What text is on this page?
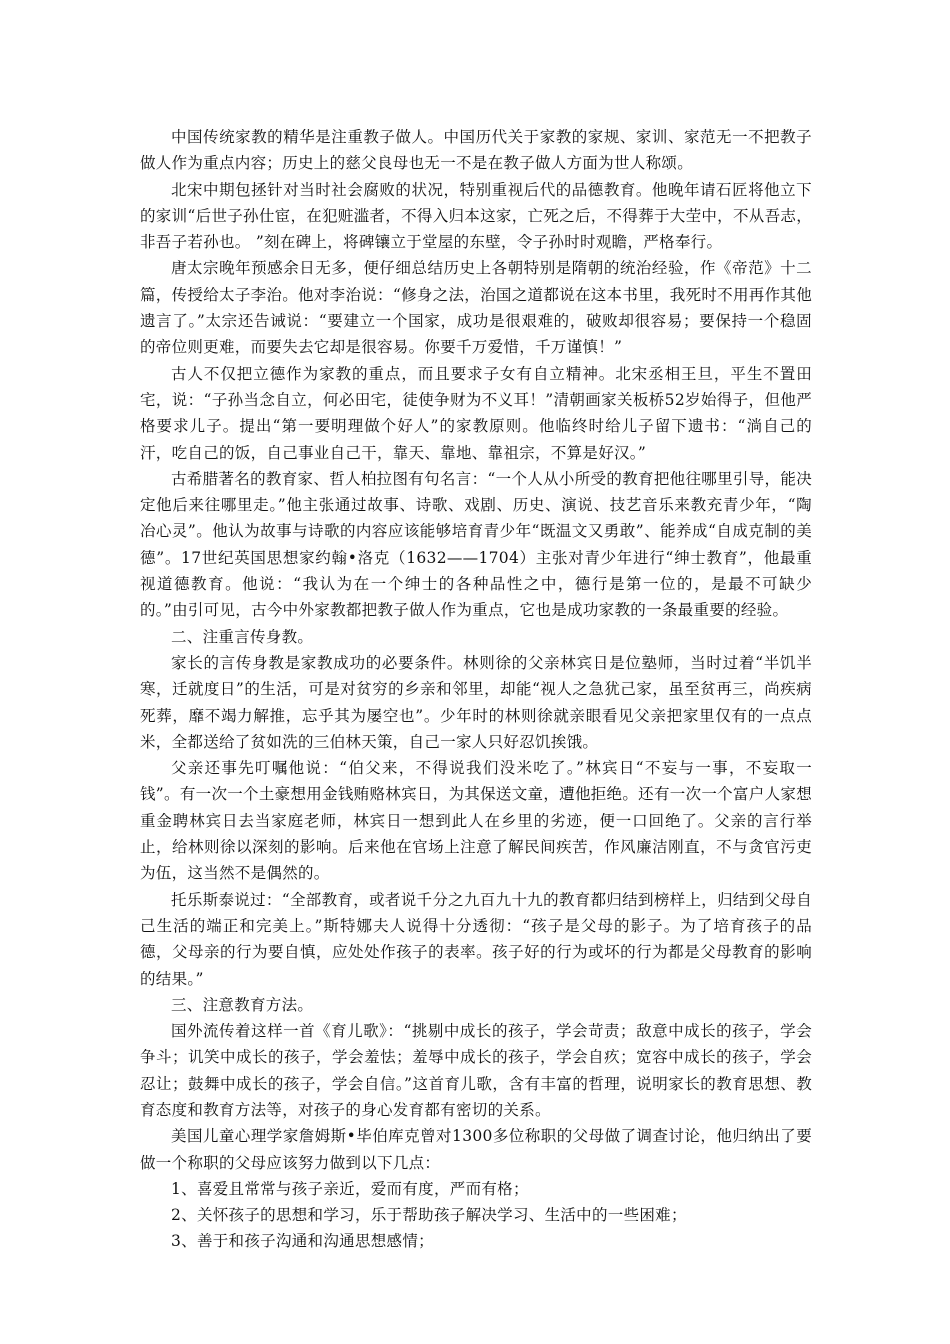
中国传统家教的精华是注重教子做人。中国历代关于家教的家规、家训、家范无一不把教子做人作为重点内容；历史上的慈父良母也无一不是在教子做人方面为世人称颂。

北宋中期包拯针对当时社会腐败的状况，特别重视后代的品德教育。他晚年请石匠将他立下的家训“后世子孙仕宦，在犯赃滥者，不得入归本这家，亡死之后，不得葬于大茔中，不从吾志，非吾子若孙也。 ”刻在碑上，将碑镶立于堂屋的东壁，令子孙时时观瞻，严格奉行。

唐太宗晚年预感余日无多，便仔细总结历史上各朝特别是隋朝的统治经验，作《帝范》十二篇，传授给太子李治。他对李治说：“修身之法，治国之道都说在这本书里，我死时不用再作其他遗言了。”太宗还告诫说：“要建立一个国家，成功是很艰难的，破败却很容易；要保持一个稳固的帝位则更难，而要失去它却是很容易。你要千万爱惜，千万谨慎！”

古人不仅把立德作为家教的重点，而且要求子女有自立精神。北宋丞相王旦，平生不置田宅，说：“子孙当念自立，何必田宅，徒使争财为不义耳！”清朝画家关板桥52岁始得子，但他严格要求儿子。提出“第一要明理做个好人”的家教原则。他临终时给儿子留下遗书：“淌自己的汗，吃自己的饭，自己事业自己干，靠天、靠地、靠祖宗，不算是好汉。”

古希腊著名的教育家、哲人柏拉图有句名言：“一个人从小所受的教育把他往哪里引导，能决定他后来往哪里走。”他主张通过故事、诗歌、戏剧、历史、演说、技艺音乐来教充青少年，“陶冶心灵”。他认为故事与诗歌的内容应该能够培育青少年“既温文又勇敢”、能养成“自成克制的美德”。17世纪英国思想家约翰•洛克（1632——1704）主张对青少年进行“绅士教育”，他最重视道德教育。他说：“我认为在一个绅士的各种品性之中，德行是第一位的，是最不可缺少的。”由引可见，古今中外家教都把教子做人作为重点，它也是成功家教的一条最重要的经验。

二、注重言传身教。

家长的言传身教是家教成功的必要条件。林则徐的父亲林宾日是位塾师，当时过着“半饥半寒，迁就度日”的生活，可是对贫穷的乡亲和邻里，却能“视人之急犹己家，虽至贫再三，尚疾病死葬，靡不竭力解推，忘乎其为屡空也”。少年时的林则徐就亲眼看见父亲把家里仅有的一点点米，全都送给了贫如洗的三伯林天策，自己一家人只好忍饥挨饿。

父亲还事先叮嘱他说：“伯父来，不得说我们没米吃了。”林宾日“不妄与一事，不妄取一钱”。有一次一个土豪想用金钱贿赂林宾日，为其保送文童，遭他拒绝。还有一次一个富户人家想重金聘林宾日去当家庭老师，林宾日一想到此人在乡里的劣迹，便一口回绝了。父亲的言行举止，给林则徐以深刻的影响。后来他在官场上注意了解民间疾苦，作风廉洁刚直，不与贪官污吏为伍，这当然不是偶然的。

托乐斯泰说过：“全部教育，或者说千分之九百九十九的教育都归结到榜样上，归结到父母自己生活的端正和完美上。”斯特娜夫人说得十分透彻：“孩子是父母的影子。为了培育孩子的品德，父母亲的行为要自慎，应处处作孩子的表率。孩子好的行为或坏的行为都是父母教育的影响的结果。”

三、注意教育方法。

国外流传着这样一首《育儿歌》：“挑剔中成长的孩子，学会苛责；敌意中成长的孩子，学会争斗；讥笑中成长的孩子，学会羞怯；羞辱中成长的孩子，学会自疚；宽容中成长的孩子，学会忍让；鼓舞中成长的孩子，学会自信。”这首育儿歌，含有丰富的哲理，说明家长的教育思想、教育态度和教育方法等，对孩子的身心发育都有密切的关系。

美国儿童心理学家詹姆斯•毕伯库克曾对1300多位称职的父母做了调查讨论，他归纳出了要做一个称职的父母应该努力做到以下几点：

1、喜爱且常常与孩子亲近，爱而有度，严而有格；

2、关怀孩子的思想和学习，乐于帮助孩子解决学习、生活中的一些困难；

3、善于和孩子沟通和沟通思想感情；
